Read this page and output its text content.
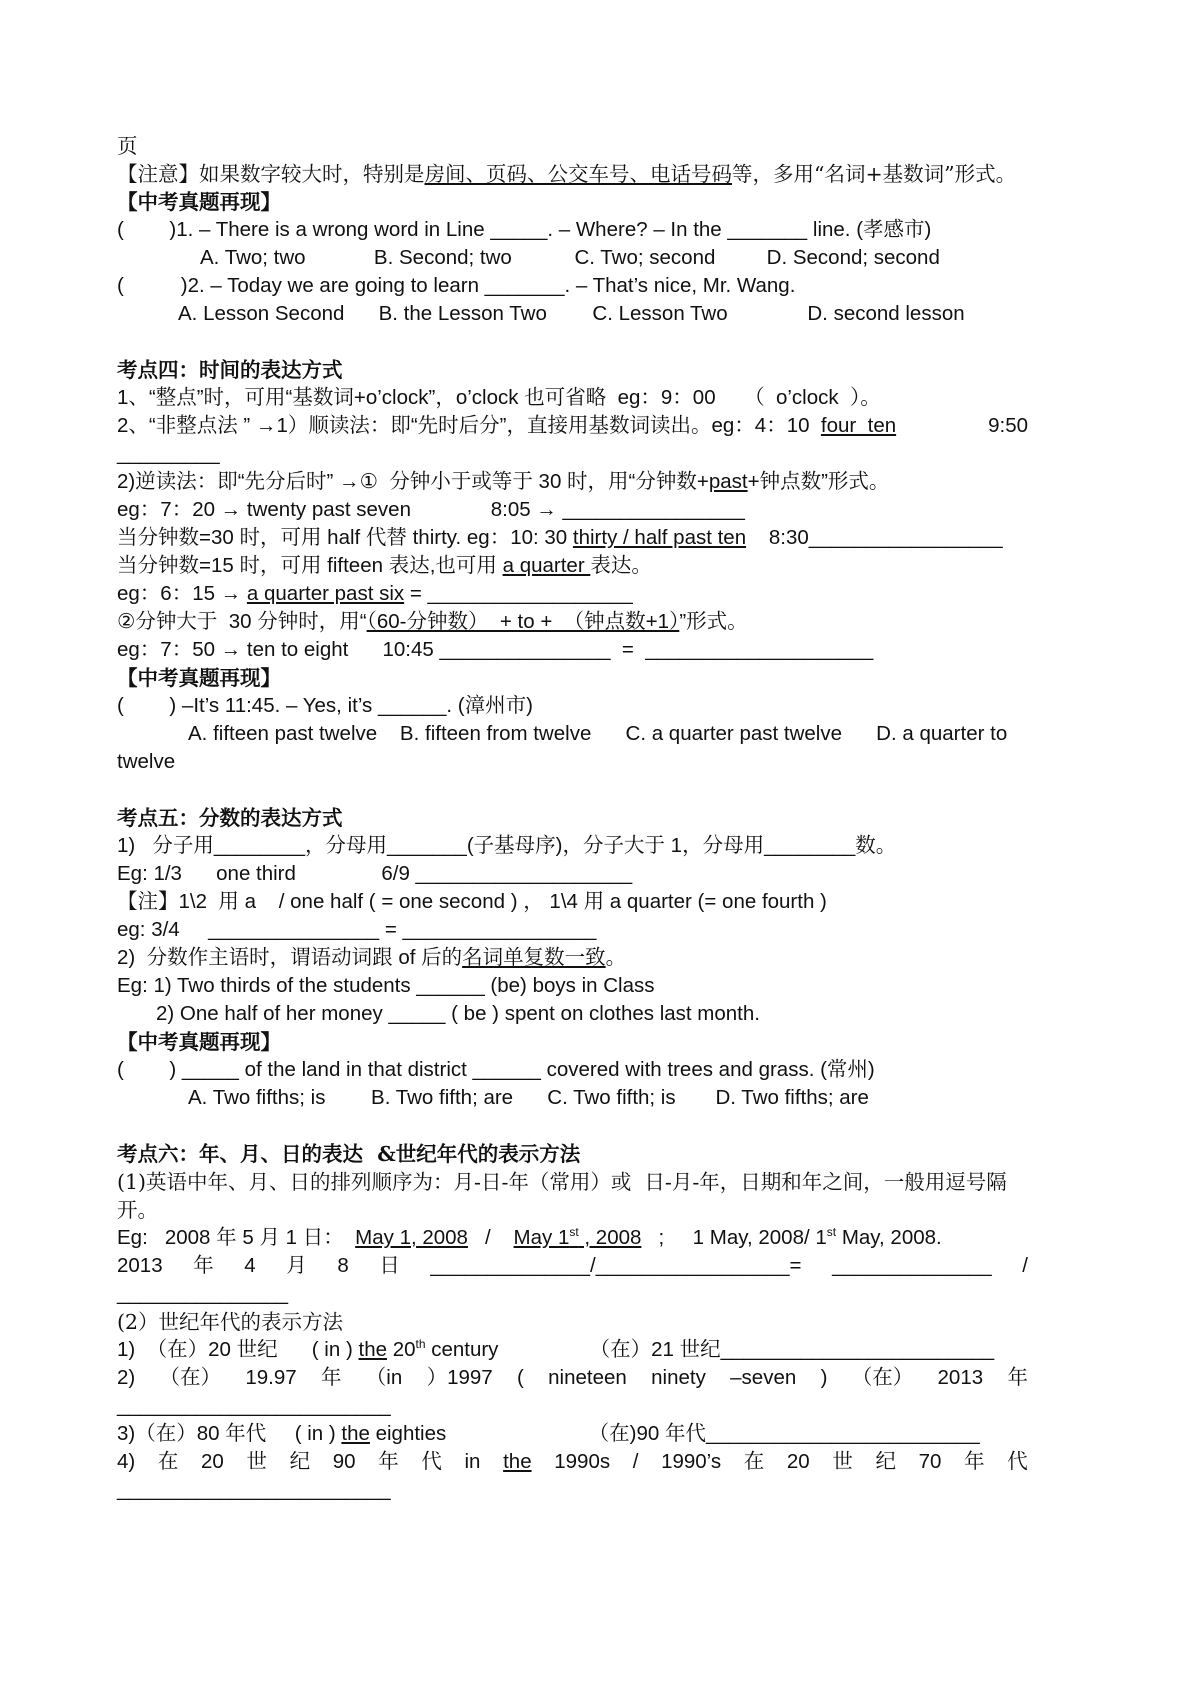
页
【注意】如果数字较大时，特别是房间、页码、公交车号、电话号码等，多用“名词+基数词”形式。
【中考真题再现】
(        )1. – There is a wrong word in Line _____. – Where? – In the _______ line. (孝感市)
A. Two; two            B. Second; two           C. Two; second         D. Second; second
(          )2. – Today we are going to learn _______. – That’s nice, Mr. Wang.
A. Lesson Second      B. the Lesson Two        C. Lesson Two              D. second lesson
考点四：时间的表达方式
1、“整点”时，可用“基数词+o’clock”，o’clock 也可省略  eg：9：00     （  o’clock  ）。
2、“非整点法 ” →1）顺读法：即“先时后分”，直接用基数词读出。eg：4：10  four  ten	9:50
_________
2)逆读法：即“先分后时” →①  分钟小于或等于 30 时，用“分钟数+past+钟点数”形式。
eg：7：20 → twenty past seven              8:05 → ________________
当分钟数=30 时，可用 half 代替 thirty. eg：10: 30 thirty / half past ten    8:30_________________
当分钟数=15 时，可用 fifteen 表达,也可用 a quarter 表达。
eg：6：15 → a quarter past six = __________________
②分钟大于  30 分钟时，用“（60-分钟数）  + to +  （钟点数+1）”形式。
eg：7：50 → ten to eight      10:45 _______________  =  ____________________
【中考真题再现】
(        ) –It’s 11:45. – Yes, it’s ______. (漳州市)
A. fifteen past twelve    B. fifteen from twelve      C. a quarter past twelve      D. a quarter to
twelve
考点五：分数的表达方式
1)   分子用________，分母用_______(子基母序)，分子大于 1，分母用________数。
Eg: 1/3      one third               6/9 ___________________
【注】1\2  用 a    / one half ( = one second ) ， 1\4 用 a quarter (= one fourth )
eg: 3/4     _______________ = _________________
2)  分数作主语时，谓语动词跟 of 后的名词单复数一致。
Eg: 1) Two thirds of the students ______ (be) boys in Class
2) One half of her money _____ ( be ) spent on clothes last month.
【中考真题再现】
(        ) _____ of the land in that district ______ covered with trees and grass. (常州)
A. Two fifths; is        B. Two fifth; are      C. Two fifth; is       D. Two fifths; are
考点六：年、月、日的表达  &世纪年代的表示方法
(1)英语中年、月、日的排列顺序为：月-日-年（常用）或  日-月-年，日期和年之间，一般用逗号隔
开。
Eg:   2008 年 5 月 1 日：  May 1, 2008   /    May 1st , 2008   ;     1 May, 2008/ 1st May, 2008.
2013 年 4 月 8 日 ______________/_________________= ______________ /
_______________
(2）世纪年代的表示方法
1)  （在）20 世纪      ( in ) the 20th century                （在）21 世纪________________________
2) （在） 19.97 年 （in ）1997 ( nineteen ninety –seven ) （在） 2013 年
________________________
3)（在）80 年代     ( in ) the eighties                         （在)90 年代________________________
4) 在 20 世 纪 90 年 代 in the 1990s / 1990’s 在 20 世 纪 70 年 代
________________________
